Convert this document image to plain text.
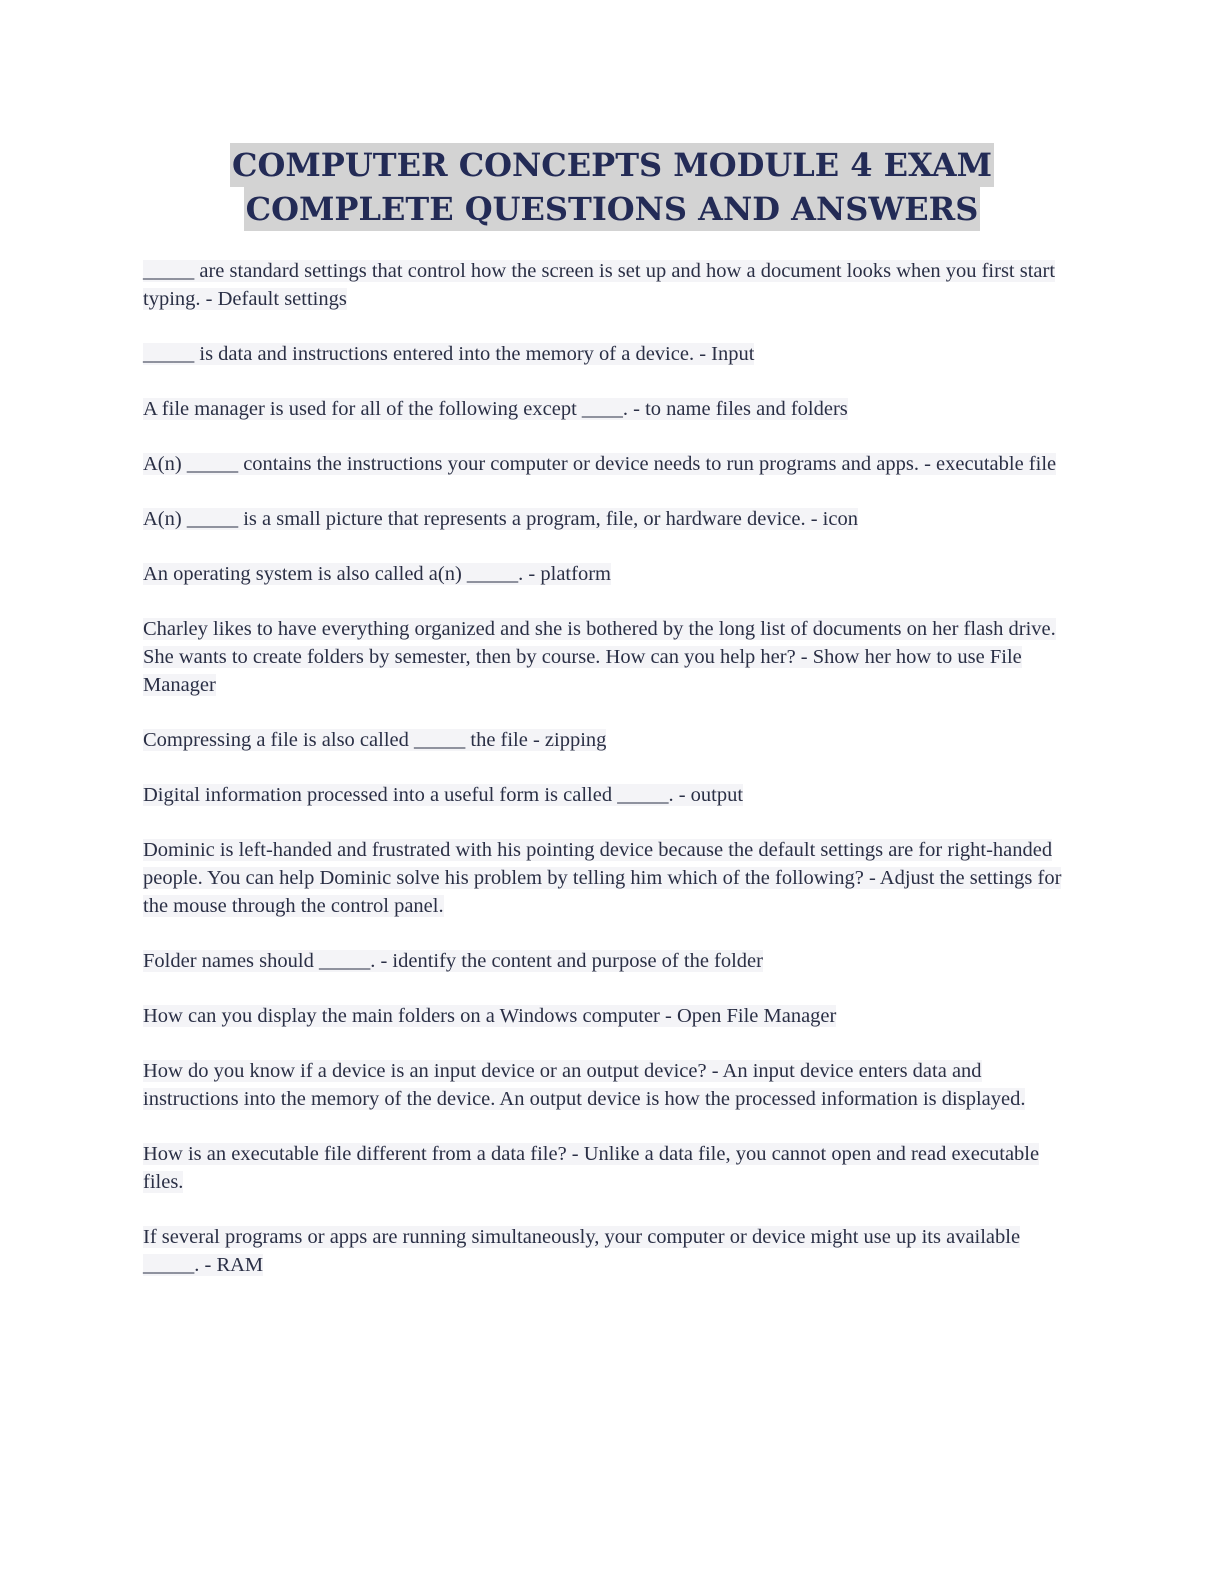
COMPUTER CONCEPTS MODULE 4 EXAM
COMPLETE QUESTIONS AND ANSWERS

_____ are standard settings that control how the screen is set up and how a document looks when you first start typing. - Default settings

_____ is data and instructions entered into the memory of a device. - Input

A file manager is used for all of the following except ____. - to name files and folders

A(n) _____ contains the instructions your computer or device needs to run programs and apps. - executable file

A(n) _____ is a small picture that represents a program, file, or hardware device. - icon

An operating system is also called a(n) _____. - platform

Charley likes to have everything organized and she is bothered by the long list of documents on her flash drive. She wants to create folders by semester, then by course. How can you help her? - Show her how to use File Manager

Compressing a file is also called _____ the file - zipping

Digital information processed into a useful form is called _____. - output

Dominic is left-handed and frustrated with his pointing device because the default settings are for right-handed people. You can help Dominic solve his problem by telling him which of the following? - Adjust the settings for the mouse through the control panel.

Folder names should _____. - identify the content and purpose of the folder

How can you display the main folders on a Windows computer - Open File Manager

How do you know if a device is an input device or an output device? - An input device enters data and instructions into the memory of the device. An output device is how the processed information is displayed.

How is an executable file different from a data file? - Unlike a data file, you cannot open and read executable files.

If several programs or apps are running simultaneously, your computer or device might use up its available _____. - RAM
